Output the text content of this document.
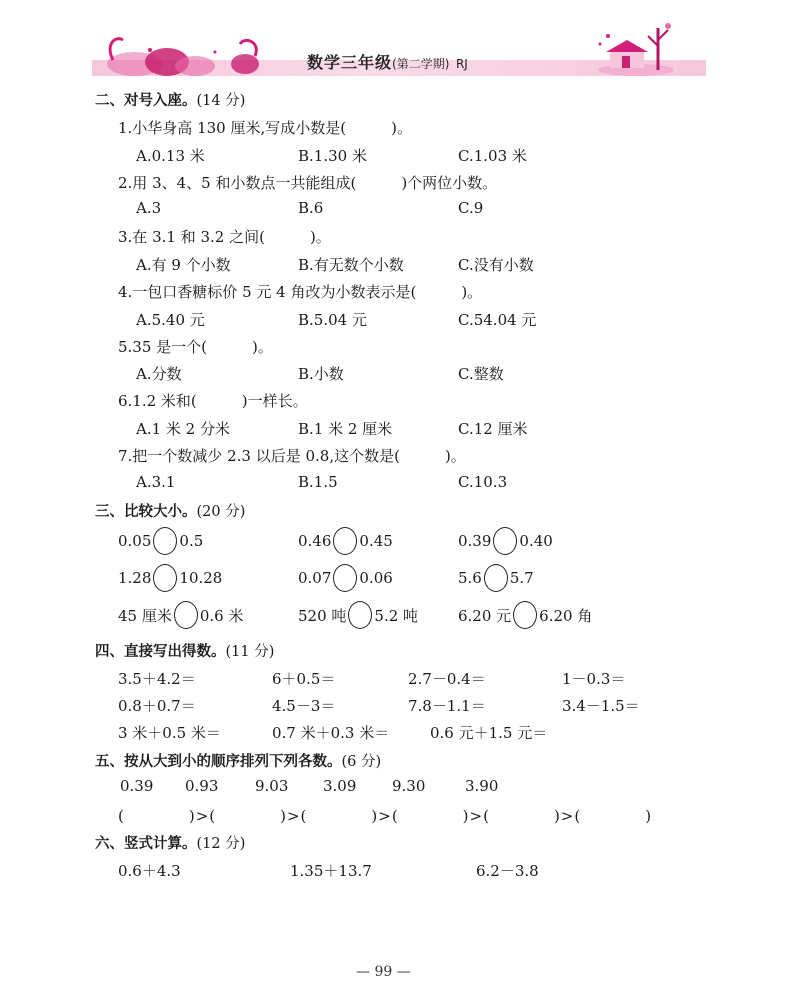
数学三年级(第二学期) RJ
二、对号入座。(14 分)
1.小华身高 130 厘米,写成小数是(　　　)。
A.0.13 米	B.1.30 米	C.1.03 米
2.用 3、4、5 和小数点一共能组成(　　　)个两位小数。
A.3	B.6	C.9
3.在 3.1 和 3.2 之间(　　　)。
A.有 9 个小数	B.有无数个小数	C.没有小数
4.一包口香糖标价 5 元 4 角改为小数表示是(　　　)。
A.5.40 元	B.5.04 元	C.54.04 元
5.35 是一个(　　　)。
A.分数	B.小数	C.整数
6.1.2 米和(　　　)一样长。
A.1 米 2 分米	B.1 米 2 厘米	C.12 厘米
7.把一个数减少 2.3 以后是 0.8,这个数是(　　　)。
A.3.1	B.1.5	C.10.3
三、比较大小。(20 分)
0.05 0.5	0.46 0.45	0.39 0.40
1.28 10.28	0.07 0.06	5.6 5.7
45 厘米 0.6 米	520 吨 5.2 吨	6.20 元 6.20 角
四、直接写出得数。(11 分)
3.5＋4.2＝	6＋0.5＝	2.7－0.4＝	1－0.3＝
0.8＋0.7＝	4.5－3＝	7.8－1.1＝	3.4－1.5＝
3 米＋0.5 米＝	0.7 米＋0.3 米＝	0.6 元＋1.5 元＝
五、按从大到小的顺序排列下列各数。(6 分)
0.39 0.93 9.03 3.09 9.30	3.90
(　　　　)>(　　　　)>(　　　　)>(　　　　)>(　　　　)>(　　　　)
六、竖式计算。(12 分)
0.6＋4.3	1.35＋13.7	6.2－3.8
— 99 —
